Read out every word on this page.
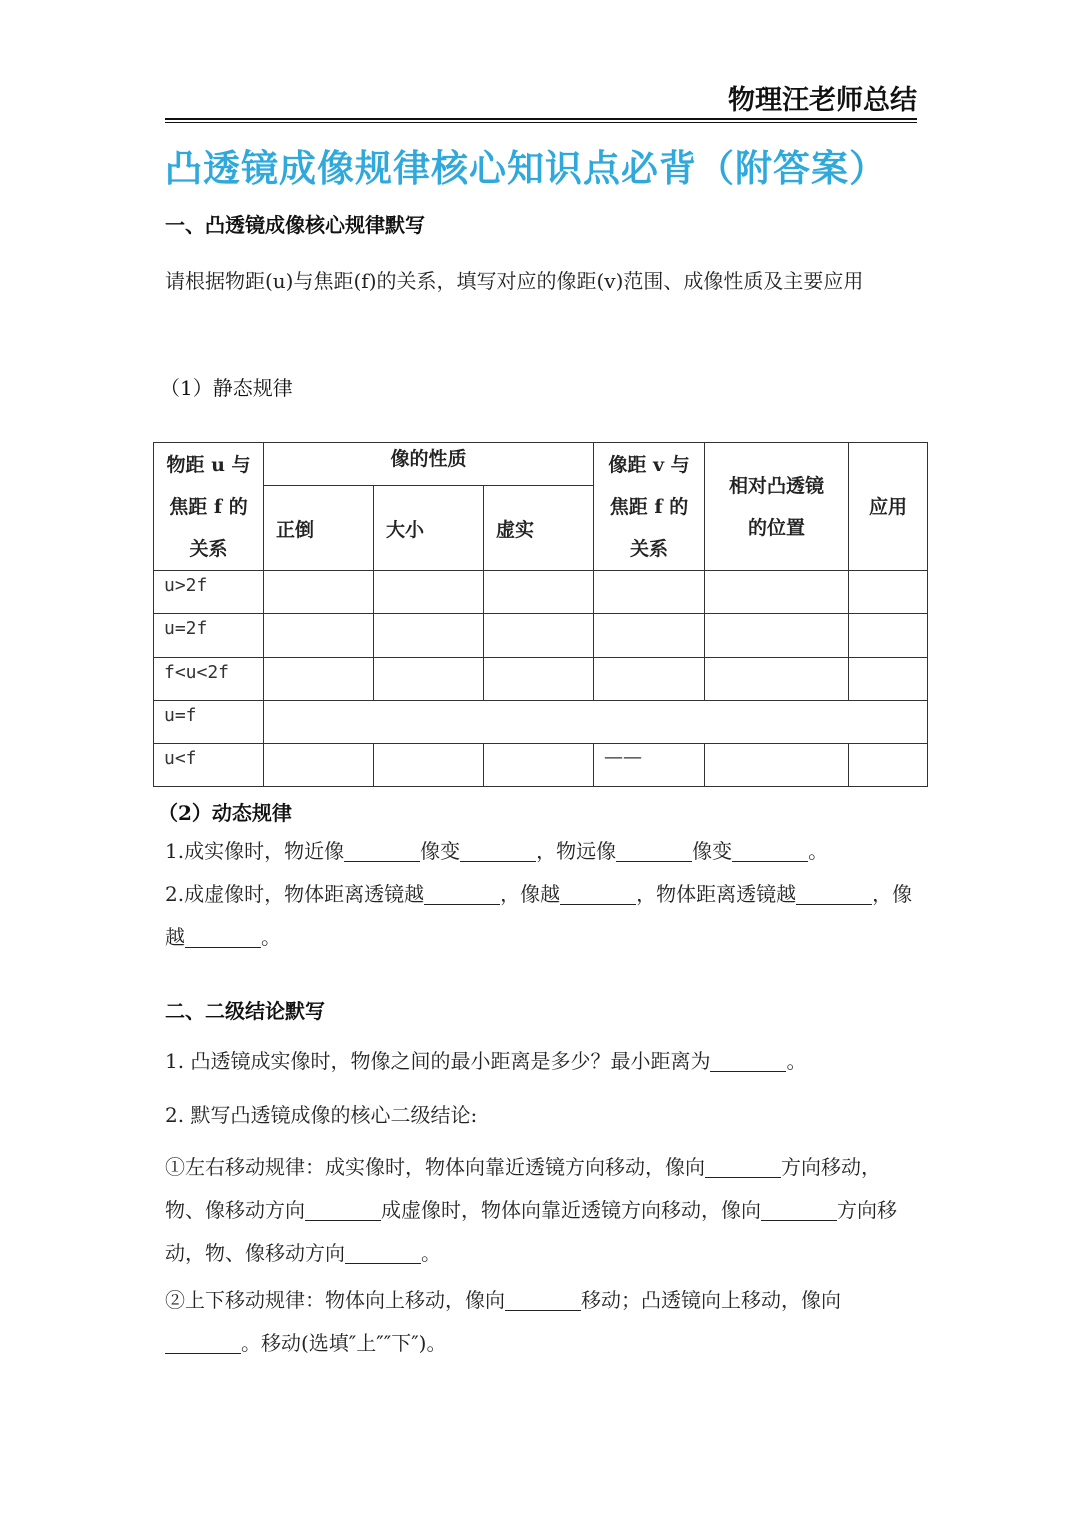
物理汪老师总结
凸透镜成像规律核心知识点必背（附答案）
一、凸透镜成像核心规律默写
请根据物距(u)与焦距(f)的关系，填写对应的像距(v)范围、成像性质及主要应用
（1）静态规律
物距 u 与焦距 f 的关系	像的性质			像距 v 与焦距 f 的关系	相对凸透镜的位置	应用
	正倒	大小	虚实			
u>2f						
u=2f						
f<u<2f						
u=f						
u<f				——		
（2）动态规律
1.成实像时，物近像	像变	，物远像	像变	。
2.成虚像时，物体距离透镜越	，像越	，物体距离透镜越	，像越	。
二、二级结论默写
1. 凸透镜成实像时，物像之间的最小距离是多少？最小距离为	。
2. 默写凸透镜成像的核心二级结论:
①左右移动规律：成实像时，物体向靠近透镜方向移动，像向	方向移动，物、像移动方向	成虚像时，物体向靠近透镜方向移动，像向	方向移动，物、像移动方向	。
②上下移动规律：物体向上移动，像向	移动；凸透镜向上移动，像向。移动(选填″上″″下″)。
